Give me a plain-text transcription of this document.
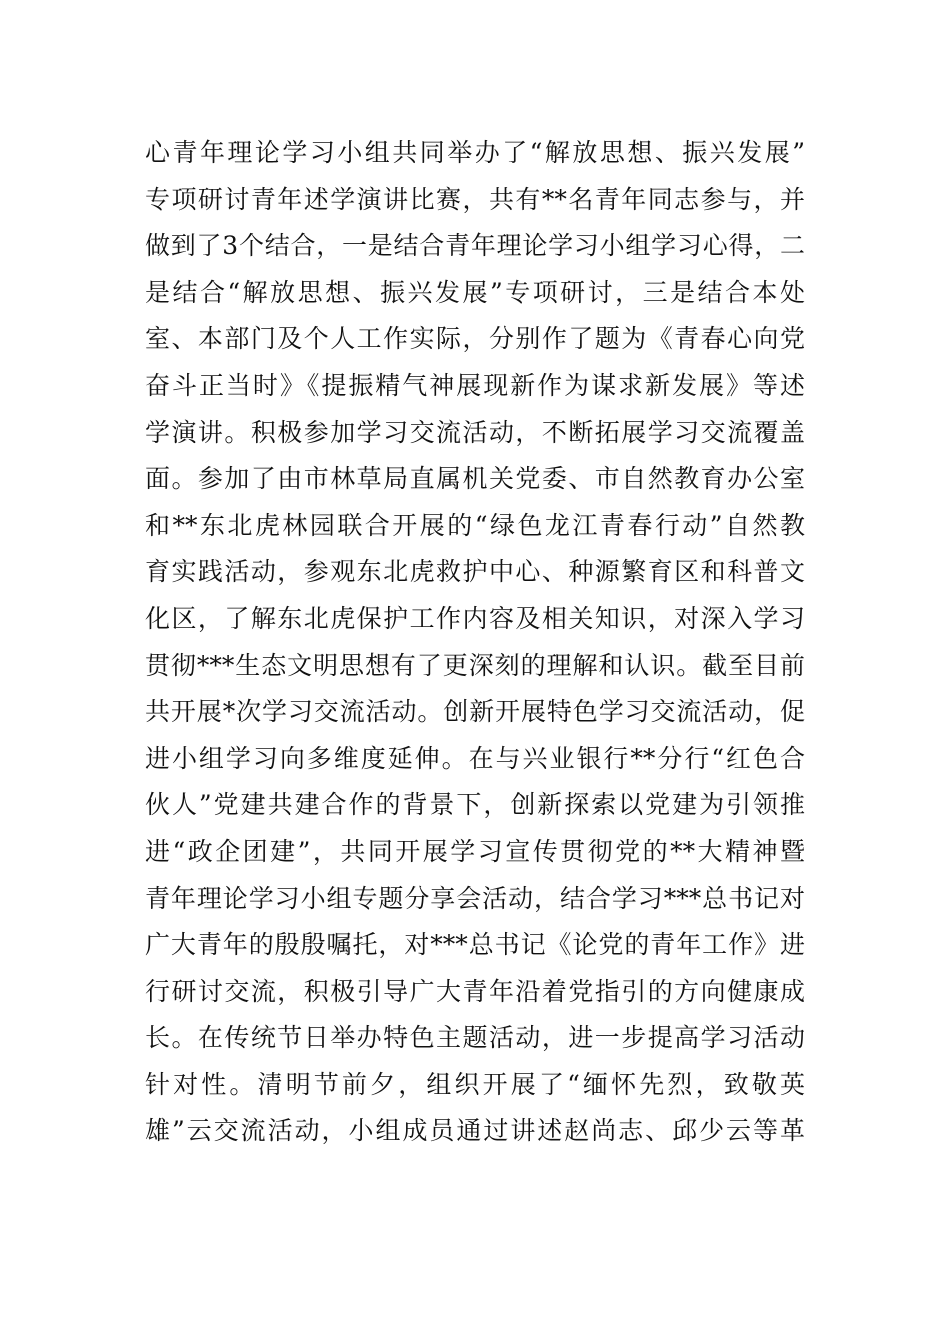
心青年理论学习小组共同举办了“解放思想、振兴发展”
专项研讨青年述学演讲比赛，共有**名青年同志参与，并
做到了3个结合，一是结合青年理论学习小组学习心得，二
是结合“解放思想、振兴发展”专项研讨，三是结合本处
室、本部门及个人工作实际，分别作了题为《青春心向党
奋斗正当时》《提振精气神展现新作为谋求新发展》等述
学演讲。积极参加学习交流活动，不断拓展学习交流覆盖
面。参加了由市林草局直属机关党委、市自然教育办公室
和**东北虎林园联合开展的“绿色龙江青春行动”自然教
育实践活动，参观东北虎救护中心、种源繁育区和科普文
化区，了解东北虎保护工作内容及相关知识，对深入学习
贯彻***生态文明思想有了更深刻的理解和认识。截至目前
共开展*次学习交流活动。创新开展特色学习交流活动，促
进小组学习向多维度延伸。在与兴业银行**分行“红色合
伙人”党建共建合作的背景下，创新探索以党建为引领推
进“政企团建”，共同开展学习宣传贯彻党的**大精神暨
青年理论学习小组专题分享会活动，结合学习***总书记对
广大青年的殷殷嘱托，对***总书记《论党的青年工作》进
行研讨交流，积极引导广大青年沿着党指引的方向健康成
长。在传统节日举办特色主题活动，进一步提高学习活动
针对性。清明节前夕，组织开展了“缅怀先烈，致敬英
雄”云交流活动，小组成员通过讲述赵尚志、邱少云等革
